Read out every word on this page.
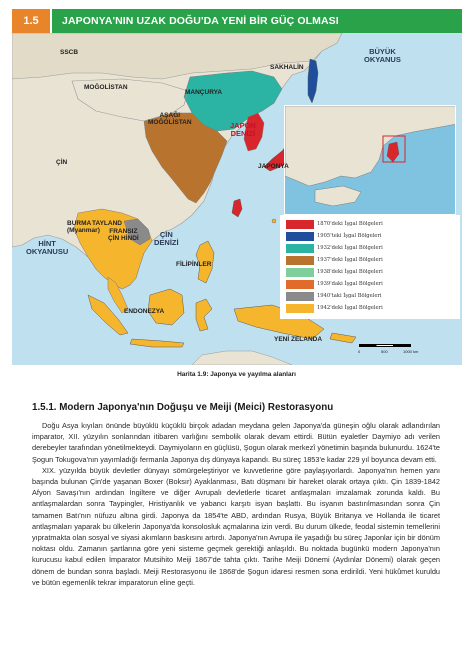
1.5	JAPONYA'NIN UZAK DOĞU'DA YENİ BİR GÜÇ OLMASI
1870'deki İşgal Bölgeleri
1905'teki İşgal Bölgeleri
1932'deki İşgal Bölgeleri
1937'deki İşgal Bölgeleri
1938'deki İşgal Bölgeleri
1939'daki İşgal Bölgeleri
1940'taki İşgal Bölgeleri
1942'deki İşgal Bölgeleri
0	500	1000 km
SSCB
SAKHALİN
BÜYÜK
OKYANUS
MOĞOLİSTAN
MANÇURYA
AŞAĞI
MOĞOLİSTAN	JAPON
DENİZİ
JAPONYA
ÇİN
ÇİN
DENİZİ
BURMA
(Myanmar)
TAYLAND
FRANSIZ
ÇİN HİNDİ
FİLİPİNLER
HİNT
OKYANUSU
ENDONEZYA
YENİ ZELANDA
Harita 1.9: Japonya ve yayılma alanları
1.5.1. Modern Japonya'nın Doğuşu ve Meiji (Meici) Restorasyonu

Doğu Asya kıyıları önünde büyüklü küçüklü birçok adadan meydana gelen Japonya'da güneşin oğlu olarak adlandırılan imparator, XII. yüzyılın sonlarından itibaren varlığını sembolik olarak devam ettirdi. Bütün eyaletler Daymiyo adı verilen derebeyler tarafından yönetilmekteydi. Daymiyoların en güçlüsü, Şogun olarak merkezî yönetimin başında bulunurdu. 1624'te Şogun Tokugova'nın yayımladığı fermanla Japonya dış dünyaya kapandı. Bu süreç 1853'e kadar 229 yıl boyunca devam etti.

XIX. yüzyılda büyük devletler dünyayı sömürgeleştiriyor ve kuvvetlerine göre paylaşıyorlardı. Japonya'nın hemen yanı başında bulunan Çin'de yaşanan Boxer (Boksır) Ayaklanması, Batı düşmanı bir hareket olarak ortaya çıktı. Çin 1839-1842 Afyon Savaşı'nın ardından İngiltere ve diğer Avrupalı devletlerle ticaret antlaşmaları imzalamak zorunda kaldı. Bu antlaşmalardan sonra Taypingler, Hristiyanlık ve yabancı karşıtı isyan başlattı. Bu isyanın bastırılmasından sonra Çin tamamen Batı'nın nüfuzu altına girdi. Japonya da 1854'te ABD, ardından Rusya, Büyük Britanya ve Hollanda ile ticaret antlaşmaları yaparak bu ülkelerin Japonya'da konsolosluk açmalarına izin verdi. Bu durum ülkede, feodal sistemin temellerini yıpratmakta olan sosyal ve siyasi akımların baskısını artırdı. Japonya'nın Avrupa ile yaşadığı bu süreç Japonlar için bir dönüm noktası oldu. Zamanın şartlarına göre yeni sisteme geçmek gerektiği anlaşıldı. Bu noktada bugünkü modern Japonya'nın kurucusu kabul edilen İmparator Mutsihito Meiji 1867'de tahta çıktı. Tarihe Meiji Dönemi (Aydınlar Dönemi) olarak geçen dönem de bundan sonra başladı. Meiji Restorasyonu ile 1868'de Şogun idaresi resmen sona erdirildi. Yeni hükûmet kuruldu ve bütün egemenlik tekrar imparatorun eline geçti.
